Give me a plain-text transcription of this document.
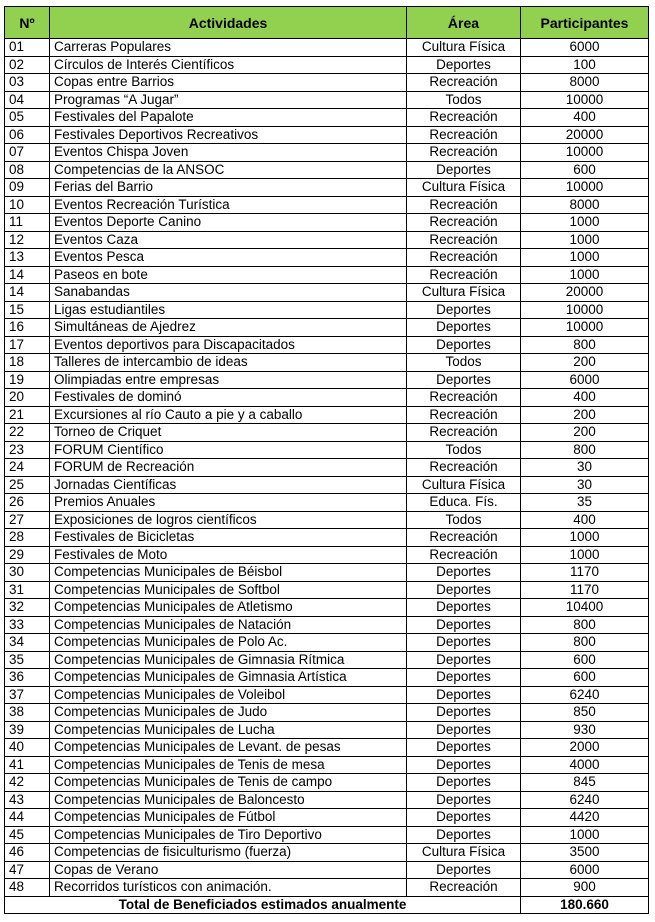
Nº	Actividades	Área	Participantes
01	Carreras Populares	Cultura Física	6000
02	Círculos de Interés Científicos	Deportes	100
03	Copas entre Barrios	Recreación	8000
04	Programas “A Jugar”	Todos	10000
05	Festivales del Papalote	Recreación	400
06	Festivales Deportivos Recreativos	Recreación	20000
07	Eventos Chispa Joven	Recreación	10000
08	Competencias de la ANSOC	Deportes	600
09	Ferias del Barrio	Cultura Física	10000
10	Eventos Recreación Turística	Recreación	8000
11	Eventos Deporte Canino	Recreación	1000
12	Eventos Caza	Recreación	1000
13	Eventos Pesca	Recreación	1000
14	Paseos en bote	Recreación	1000
14	Sanabandas	Cultura Física	20000
15	Ligas estudiantiles	Deportes	10000
16	Simultáneas de Ajedrez	Deportes	10000
17	Eventos deportivos para Discapacitados	Deportes	800
18	Talleres de intercambio de ideas	Todos	200
19	Olimpiadas entre empresas	Deportes	6000
20	Festivales de dominó	Recreación	400
21	Excursiones al río Cauto a pie y a caballo	Recreación	200
22	Torneo de Criquet	Recreación	200
23	FORUM Científico	Todos	800
24	FORUM de Recreación	Recreación	30
25	Jornadas Científicas	Cultura Física	30
26	Premios Anuales	Educa. Fís.	35
27	Exposiciones de logros científicos	Todos	400
28	Festivales de Bicicletas	Recreación	1000
29	Festivales de Moto	Recreación	1000
30	Competencias Municipales de Béisbol	Deportes	1170
31	Competencias Municipales de Softbol	Deportes	1170
32	Competencias Municipales de Atletismo	Deportes	10400
33	Competencias Municipales de Natación	Deportes	800
34	Competencias Municipales de Polo Ac.	Deportes	800
35	Competencias Municipales de Gimnasia Rítmica	Deportes	600
36	Competencias Municipales de Gimnasia Artística	Deportes	600
37	Competencias Municipales de Voleibol	Deportes	6240
38	Competencias Municipales de Judo	Deportes	850
39	Competencias Municipales de Lucha	Deportes	930
40	Competencias Municipales de Levant. de pesas	Deportes	2000
41	Competencias Municipales de Tenis de mesa	Deportes	4000
42	Competencias Municipales de Tenis de campo	Deportes	845
43	Competencias Municipales de Baloncesto	Deportes	6240
44	Competencias Municipales de Fútbol	Deportes	4420
45	Competencias Municipales de Tiro Deportivo	Deportes	1000
46	Competencias de fisiculturismo (fuerza)	Cultura Física	3500
47	Copas de Verano	Deportes	6000
48	Recorridos turísticos con animación.	Recreación	900
Total de Beneficiados estimados anualmente			180.660
